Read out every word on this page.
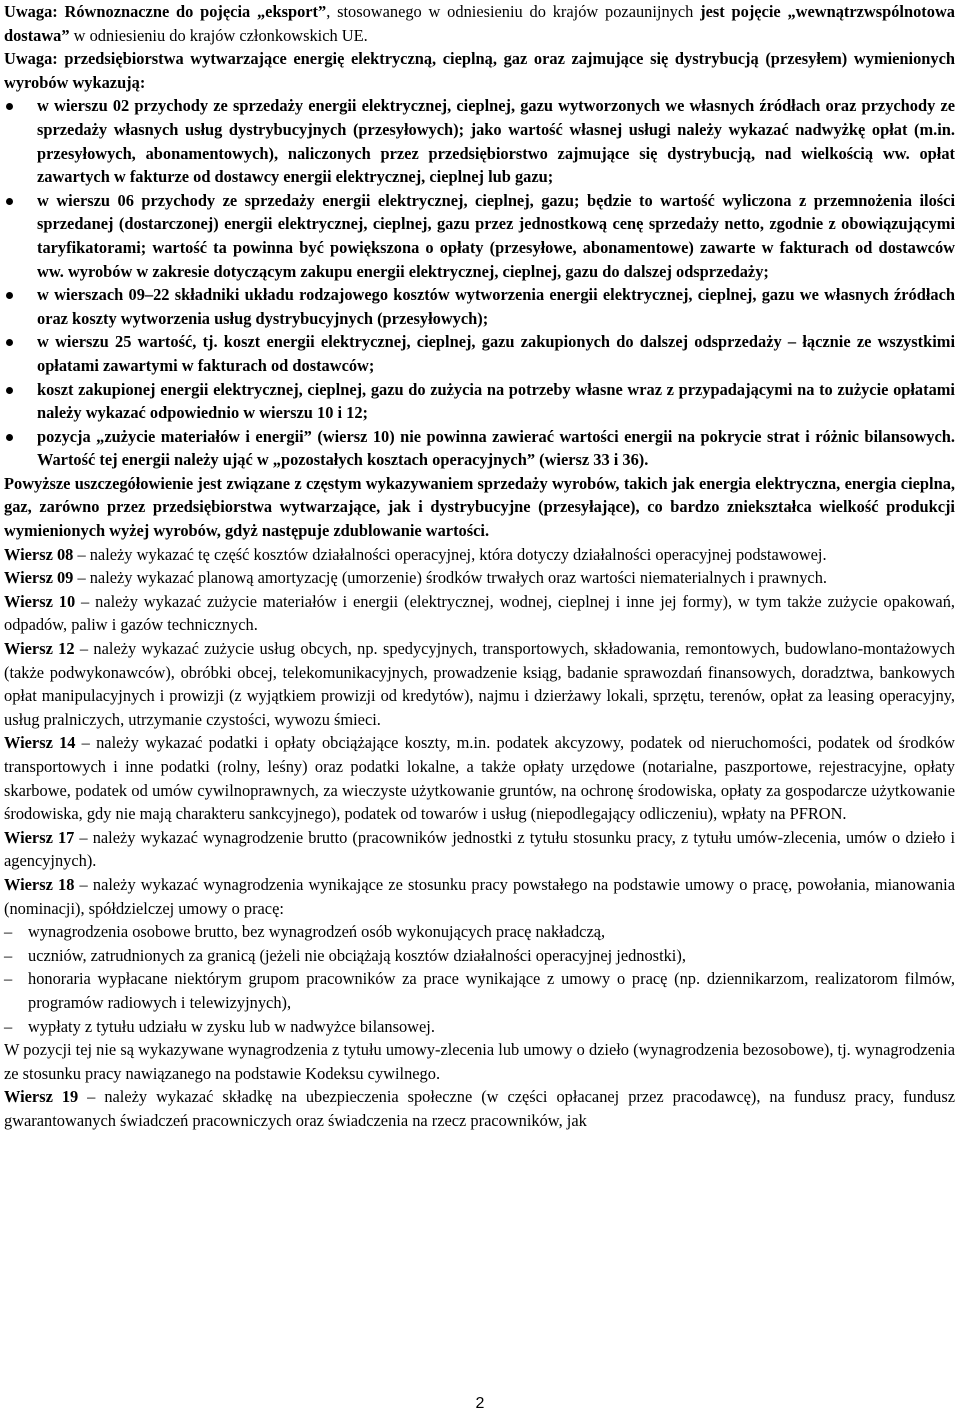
Uwaga: Równoznaczne do pojęcia „eksport”, stosowanego w odniesieniu do krajów pozaunijnych jest pojęcie „wewnątrzwspólnotowa dostawa” w odniesieniu do krajów członkowskich UE.

Uwaga: przedsiębiorstwa wytwarzające energię elektryczną, cieplną, gaz oraz zajmujące się dystrybucją (przesyłem) wymienionych wyrobów wykazują:

w wierszu 02 przychody ze sprzedaży energii elektrycznej, cieplnej, gazu wytworzonych we własnych źródłach oraz przychody ze sprzedaży własnych usług dystrybucyjnych (przesyłowych); jako wartość własnej usługi należy wykazać nadwyżkę opłat (m.in. przesyłowych, abonamentowych), naliczonych przez przedsiębiorstwo zajmujące się dystrybucją, nad wielkością ww. opłat zawartych w fakturze od dostawcy energii elektrycznej, cieplnej lub gazu;
w wierszu 06 przychody ze sprzedaży energii elektrycznej, cieplnej, gazu; będzie to wartość wyliczona z przemnożenia ilości sprzedanej (dostarczonej) energii elektrycznej, cieplnej, gazu przez jednostkową cenę sprzedaży netto, zgodnie z obowiązującymi taryfikatorami; wartość ta powinna być powiększona o opłaty (przesyłowe, abonamentowe) zawarte w fakturach od dostawców ww. wyrobów w zakresie dotyczącym zakupu energii elektrycznej, cieplnej, gazu do dalszej odsprzedaży;
w wierszach 09–22 składniki układu rodzajowego kosztów wytworzenia energii elektrycznej, cieplnej, gazu we własnych źródłach oraz koszty wytworzenia usług dystrybucyjnych (przesyłowych);
w wierszu 25 wartość, tj. koszt energii elektrycznej, cieplnej, gazu zakupionych do dalszej odsprzedaży – łącznie ze wszystkimi opłatami zawartymi w fakturach od dostawców;
koszt zakupionej energii elektrycznej, cieplnej, gazu do zużycia na potrzeby własne wraz z przypadającymi na to zużycie opłatami należy wykazać odpowiednio w wierszu 10 i 12;
pozycja „zużycie materiałów i energii” (wiersz 10) nie powinna zawierać wartości energii na pokrycie strat i różnic bilansowych. Wartość tej energii należy ująć w „pozostałych kosztach operacyjnych” (wiersz 33 i 36).

Powyższe uszczegółowienie jest związane z częstym wykazywaniem sprzedaży wyrobów, takich jak energia elektryczna, energia cieplna, gaz, zarówno przez przedsiębiorstwa wytwarzające, jak i dystrybucyjne (przesyłające), co bardzo zniekształca wielkość produkcji wymienionych wyżej wyrobów, gdyż następuje zdublowanie wartości.

Wiersz 08 – należy wykazać tę część kosztów działalności operacyjnej, która dotyczy działalności operacyjnej podstawowej.

Wiersz 09 – należy wykazać planową amortyzację (umorzenie) środków trwałych oraz wartości niematerialnych i prawnych.

Wiersz 10 – należy wykazać zużycie materiałów i energii (elektrycznej, wodnej, cieplnej i inne jej formy), w tym także zużycie opakowań, odpadów, paliw i gazów technicznych.

Wiersz 12 – należy wykazać zużycie usług obcych, np. spedycyjnych, transportowych, składowania, remontowych, budowlano-montażowych (także podwykonawców), obróbki obcej, telekomunikacyjnych, prowadzenie ksiąg, badanie sprawozdań finansowych, doradztwa, bankowych opłat manipulacyjnych i prowizji (z wyjątkiem prowizji od kredytów), najmu i dzierżawy lokali, sprzętu, terenów, opłat za leasing operacyjny, usług pralniczych, utrzymanie czystości, wywozu śmieci.

Wiersz 14 – należy wykazać podatki i opłaty obciążające koszty, m.in. podatek akcyzowy, podatek od nieruchomości, podatek od środków transportowych i inne podatki (rolny, leśny) oraz podatki lokalne, a także opłaty urzędowe (notarialne, paszportowe, rejestracyjne, opłaty skarbowe, podatek od umów cywilnoprawnych, za wieczyste użytkowanie gruntów, na ochronę środowiska, opłaty za gospodarcze użytkowanie środowiska, gdy nie mają charakteru sankcyjnego), podatek od towarów i usług (niepodlegający odliczeniu), wpłaty na PFRON.

Wiersz 17 – należy wykazać wynagrodzenie brutto (pracowników jednostki z tytułu stosunku pracy, z tytułu umów-zlecenia, umów o dzieło i agencyjnych).

Wiersz 18 – należy wykazać wynagrodzenia wynikające ze stosunku pracy powstałego na podstawie umowy o pracę, powołania, mianowania (nominacji), spółdzielczej umowy o pracę:

– wynagrodzenia osobowe brutto, bez wynagrodzeń osób wykonujących pracę nakładczą,
– uczniów, zatrudnionych za granicą (jeżeli nie obciążają kosztów działalności operacyjnej jednostki),
– honoraria wypłacane niektórym grupom pracowników za prace wynikające z umowy o pracę (np. dziennikarzom, realizatorom filmów, programów radiowych i telewizyjnych),
– wypłaty z tytułu udziału w zysku lub w nadwyżce bilansowej.

W pozycji tej nie są wykazywane wynagrodzenia z tytułu umowy-zlecenia lub umowy o dzieło (wynagrodzenia bezosobowe), tj. wynagrodzenia ze stosunku pracy nawiązanego na podstawie Kodeksu cywilnego.

Wiersz 19 – należy wykazać składkę na ubezpieczenia społeczne (w części opłacanej przez pracodawcę), na fundusz pracy, fundusz gwarantowanych świadczeń pracowniczych oraz świadczenia na rzecz pracowników, jak

2
